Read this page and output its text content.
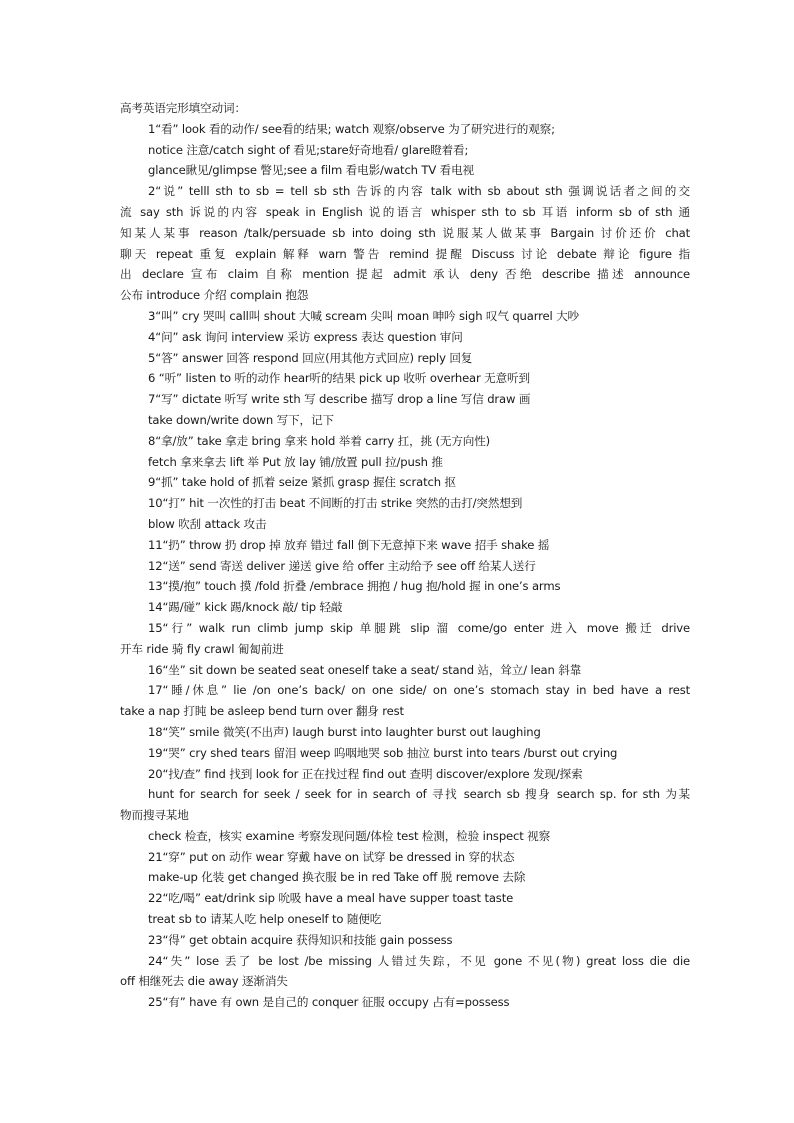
高考英语完形填空动词：

1“看” look 看的动作/ see看的结果; watch 观察/observe 为了研究进行的观察;

notice 注意/catch sight of 看见;stare好奇地看/ glare瞪着看;

glance瞅见/glimpse 瞥见;see a film 看电影/watch TV 看电视

2“说” telll sth to sb = tell sb sth 告诉的内容 talk with sb about sth 强调说话者之间的交

流 say sth 诉说的内容 speak in English 说的语言 whisper sth to sb 耳语 inform sb of sth 通

知某人某事 reason /talk/persuade sb into doing sth 说服某人做某事 Bargain 讨价还价 chat

聊天 repeat 重复 explain 解释 warn 警告 remind 提醒 Discuss 讨论 debate 辩论 figure 指

出 declare 宣布 claim 自称 mention 提起 admit 承认 deny 否绝 describe 描述 announce

公布 introduce 介绍 complain 抱怨

3“叫” cry 哭叫 call叫 shout 大喊 scream 尖叫 moan 呻吟 sigh 叹气 quarrel 大吵

4“问” ask 询问 interview 采访 express 表达 question 审问

5“答” answer 回答 respond 回应(用其他方式回应) reply 回复

6 “听” listen to 听的动作 hear听的结果 pick up 收听 overhear 无意听到

7“写” dictate 听写 write sth 写 describe 描写 drop a line 写信 draw 画

take down/write down 写下，记下

8“拿/放” take 拿走 bring 拿来 hold 举着 carry 扛，挑 (无方向性)

fetch 拿来拿去 lift 举 Put 放 lay 铺/放置 pull 拉/push 推

9“抓” take hold of 抓着 seize 紧抓 grasp 握住 scratch 抠

10“打” hit 一次性的打击 beat 不间断的打击 strike 突然的击打/突然想到

blow 吹刮 attack 攻击

11“扔” throw 扔 drop 掉 放弃 错过 fall 倒下无意掉下来 wave 招手 shake 摇

12“送” send 寄送 deliver 递送 give 给 offer 主动给予 see off 给某人送行

13“摸/抱” touch 摸 /fold 折叠 /embrace 拥抱 / hug 抱/hold 握 in one’s arms

14“踢/碰” kick 踢/knock 敲/ tip 轻敲

15“行” walk run climb jump skip 单腿跳 slip 溜 come/go enter 进入 move 搬迁 drive

开车 ride 骑 fly crawl 匍匐前进

16“坐” sit down be seated seat oneself take a seat/ stand 站，耸立/ lean 斜靠

17“睡/休息” lie /on one’s back/ on one side/ on one’s stomach stay in bed have a rest

take a nap 打盹 be asleep bend turn over 翻身 rest

18“笑” smile 微笑(不出声) laugh burst into laughter burst out laughing

19“哭” cry shed tears 留泪 weep 呜咽地哭 sob 抽泣 burst into tears /burst out crying

20“找/查” find 找到 look for 正在找过程 find out 查明 discover/explore 发现/探索

hunt for search for seek / seek for in search of 寻找 search sb 搜身 search sp. for sth 为某

物而搜寻某地

check 检查，核实 examine 考察发现问题/体检 test 检测，检验 inspect 视察

21“穿” put on 动作 wear 穿戴 have on 试穿 be dressed in 穿的状态

make-up 化装 get changed 换衣服 be in red Take off 脱 remove 去除

22“吃/喝” eat/drink sip 吮吸 have a meal have supper toast taste

treat sb to 请某人吃 help oneself to 随便吃

23“得” get obtain acquire 获得知识和技能 gain possess

24“失” lose 丢了 be lost /be missing 人错过失踪，不见 gone 不见(物) great loss die die

off 相继死去 die away 逐渐消失

25“有” have 有 own 是自己的 conquer 征服 occupy 占有=possess
